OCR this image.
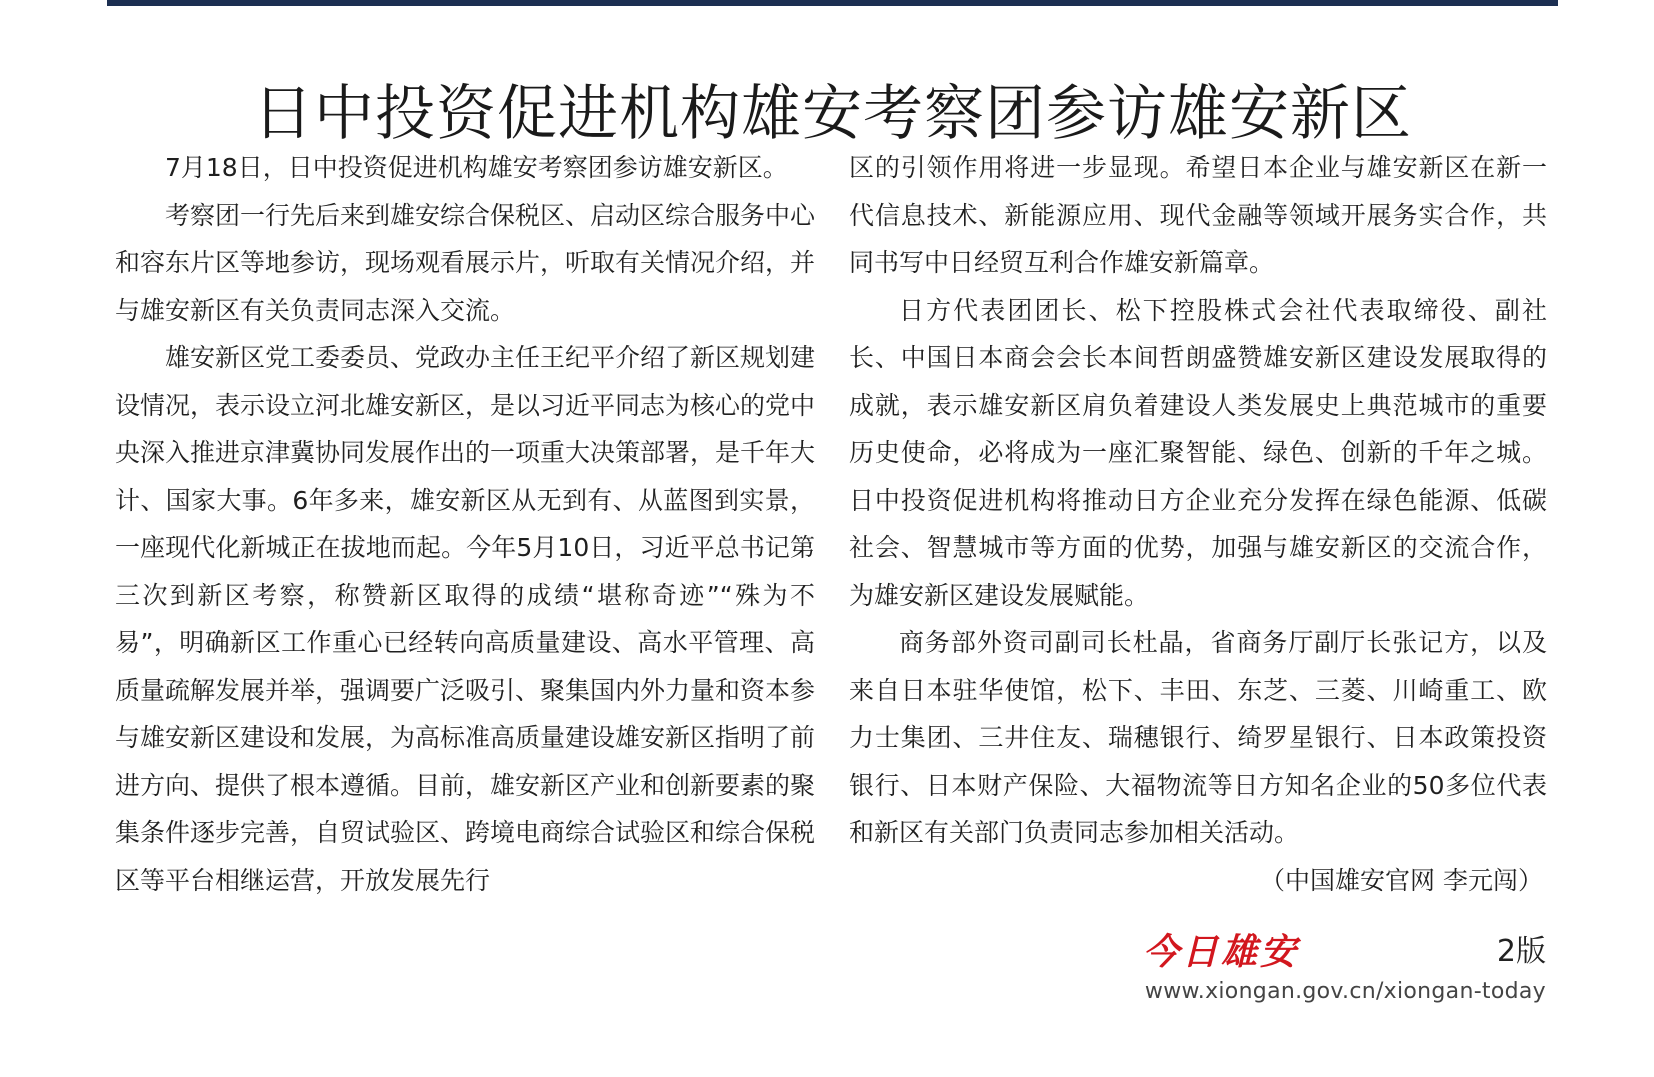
日中投资促进机构雄安考察团参访雄安新区

7月18日，日中投资促进机构雄安考察团参访雄安新区。

考察团一行先后来到雄安综合保税区、启动区综合服务中心和容东片区等地参访，现场观看展示片，听取有关情况介绍，并与雄安新区有关负责同志深入交流。

雄安新区党工委委员、党政办主任王纪平介绍了新区规划建设情况，表示设立河北雄安新区，是以习近平同志为核心的党中央深入推进京津冀协同发展作出的一项重大决策部署，是千年大计、国家大事。6年多来，雄安新区从无到有、从蓝图到实景，一座现代化新城正在拔地而起。今年5月10日，习近平总书记第三次到新区考察，称赞新区取得的成绩“堪称奇迹”“殊为不易”，明确新区工作重心已经转向高质量建设、高水平管理、高质量疏解发展并举，强调要广泛吸引、聚集国内外力量和资本参与雄安新区建设和发展，为高标准高质量建设雄安新区指明了前进方向、提供了根本遵循。目前，雄安新区产业和创新要素的聚集条件逐步完善，自贸试验区、跨境电商综合试验区和综合保税区等平台相继运营，开放发展先行

区的引领作用将进一步显现。希望日本企业与雄安新区在新一代信息技术、新能源应用、现代金融等领域开展务实合作，共同书写中日经贸互利合作雄安新篇章。

日方代表团团长、松下控股株式会社代表取缔役、副社长、中国日本商会会长本间哲朗盛赞雄安新区建设发展取得的成就，表示雄安新区肩负着建设人类发展史上典范城市的重要历史使命，必将成为一座汇聚智能、绿色、创新的千年之城。日中投资促进机构将推动日方企业充分发挥在绿色能源、低碳社会、智慧城市等方面的优势，加强与雄安新区的交流合作，为雄安新区建设发展赋能。

商务部外资司副司长杜晶，省商务厅副厅长张记方，以及来自日本驻华使馆，松下、丰田、东芝、三菱、川崎重工、欧力士集团、三井住友、瑞穗银行、绮罗星银行、日本政策投资银行、日本财产保险、大福物流等日方知名企业的50多位代表和新区有关部门负责同志参加相关活动。
（中国雄安官网 李元闯）

今日雄安	2版
www.xiongan.gov.cn/xiongan-today
